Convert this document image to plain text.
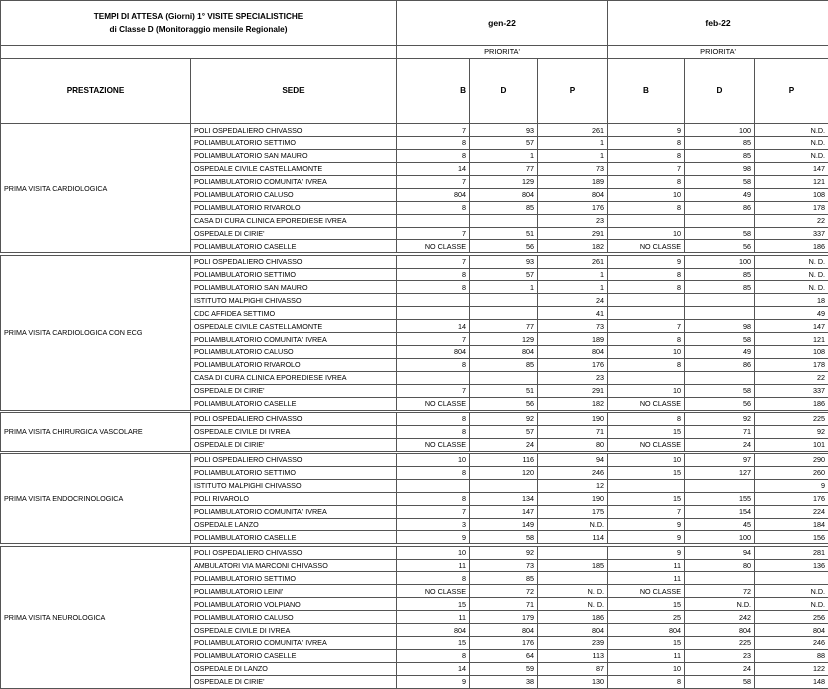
TEMPI DI ATTESA (Giorni) 1° VISITE SPECIALISTICHE
di Classe D (Monitoraggio mensile Regionale)		gen-22			feb-22		
		PRIORITA'			PRIORITA'		
PRESTAZIONE	SEDE	B	D	P	B	D	P
PRIMA VISITA CARDIOLOGICA	POLI OSPEDALIERO CHIVASSO	7	93	261	9	100	N.D.
	POLIAMBULATORIO SETTIMO	8	57	1	8	85	N.D.
	POLIAMBULATORIO SAN MAURO	8	1	1	8	85	N.D.
	OSPEDALE CIVILE CASTELLAMONTE	14	77	73	7	98	147
	POLIAMBULATORIO COMUNITA' IVREA	7	129	189	8	58	121
	POLIAMBULATORIO CALUSO	804	804	804	10	49	108
	POLIAMBULATORIO RIVAROLO	8	85	176	8	86	178
	CASA DI CURA CLINICA EPOREDIESE IVREA			23			22
	OSPEDALE DI CIRIE'	7	51	291	10	58	337
	POLIAMBULATORIO CASELLE	NO CLASSE	56	182	NO CLASSE	56	186

PRIMA VISITA CARDIOLOGICA CON ECG	POLI OSPEDALIERO CHIVASSO	7	93	261	9	100	N. D.
	POLIAMBULATORIO SETTIMO	8	57	1	8	85	N. D.
	POLIAMBULATORIO SAN MAURO	8	1	1	8	85	N. D.
	ISTITUTO MALPIGHI CHIVASSO			24			18
	CDC AFFIDEA SETTIMO			41			49
	OSPEDALE CIVILE CASTELLAMONTE	14	77	73	7	98	147
	POLIAMBULATORIO COMUNITA' IVREA	7	129	189	8	58	121
	POLIAMBULATORIO CALUSO	804	804	804	10	49	108
	POLIAMBULATORIO RIVAROLO	8	85	176	8	86	178
	CASA DI CURA CLINICA EPOREDIESE IVREA			23			22
	OSPEDALE DI CIRIE'	7	51	291	10	58	337
	POLIAMBULATORIO CASELLE	NO CLASSE	56	182	NO CLASSE	56	186

PRIMA VISITA CHIRURGICA VASCOLARE	POLI OSPEDALIERO CHIVASSO	8	92	190	8	92	225
	OSPEDALE CIVILE DI IVREA	8	57	71	15	71	92
	OSPEDALE DI CIRIE'	NO CLASSE	24	80	NO CLASSE	24	101

PRIMA VISITA ENDOCRINOLOGICA	POLI OSPEDALIERO CHIVASSO	10	116	94	10	97	290
	POLIAMBULATORIO SETTIMO	8	120	246	15	127	260
	ISTITUTO MALPIGHI CHIVASSO			12			9
	POLI RIVAROLO	8	134	190	15	155	176
	POLIAMBULATORIO COMUNITA' IVREA	7	147	175	7	154	224
	OSPEDALE LANZO	3	149	N.D.	9	45	184
	POLIAMBULATORIO CASELLE	9	58	114	9	100	156

PRIMA VISITA NEUROLOGICA	POLI OSPEDALIERO CHIVASSO	10	92		9	94	281
	AMBULATORI VIA MARCONI CHIVASSO	11	73	185	11	80	136
	POLIAMBULATORIO SETTIMO	8	85		11		
	POLIAMBULATORIO LEINI'	NO CLASSE	72	N. D.	NO CLASSE	72	N.D.
	POLIAMBULATORIO VOLPIANO	15	71	N. D.	15	N.D.	N.D.
	POLIAMBULATORIO CALUSO	11	179	186	25	242	256
	OSPEDALE CIVILE DI IVREA	804	804	804	804	804	804
	POLIAMBULATORIO COMUNITA' IVREA	15	176	239	15	225	246
	POLIAMBULATORIO CASELLE	8	64	113	11	23	88
	OSPEDALE DI LANZO	14	59	87	10	24	122
	OSPEDALE DI CIRIE'	9	38	130	8	58	148
